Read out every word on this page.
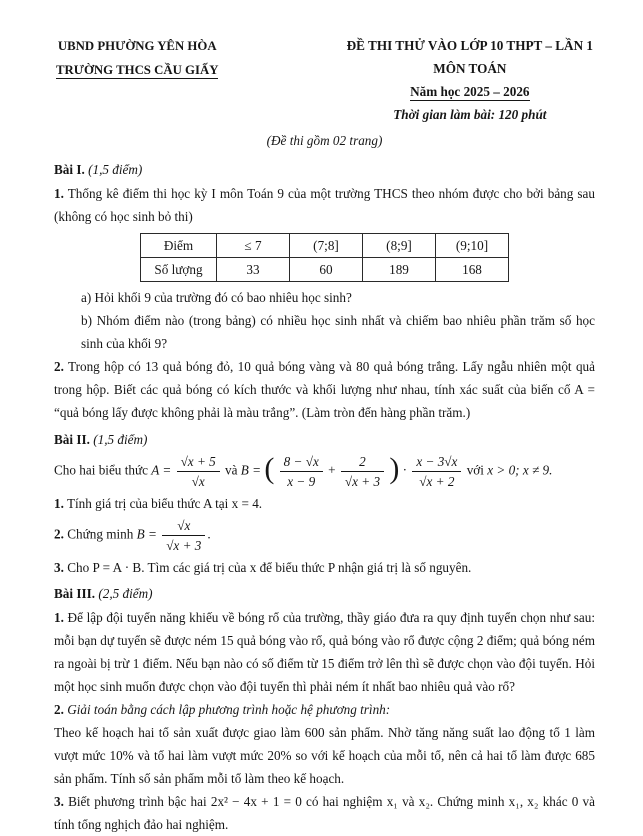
UBND PHƯỜNG YÊN HÒA
TRƯỜNG THCS CẦU GIẤY
ĐỀ THI THỬ VÀO LỚP 10 THPT – LẦN 1
MÔN TOÁN
Năm học 2025 – 2026
Thời gian làm bài: 120 phút
(Đề thi gồm 02 trang)

Bài I. (1,5 điểm)

1. Thống kê điểm thi học kỳ I môn Toán 9 của một trường THCS theo nhóm được cho bởi bảng sau (không có học sinh bỏ thi)

Điểm	≤ 7	(7;8]	(8;9]	(9;10]
Số lượng	33	60	189	168

a) Hỏi khối 9 của trường đó có bao nhiêu học sinh?

b) Nhóm điểm nào (trong bảng) có nhiều học sinh nhất và chiếm bao nhiêu phần trăm số học sinh của khối 9?

2. Trong hộp có 13 quả bóng đỏ, 10 quả bóng vàng và 80 quả bóng trắng. Lấy ngẫu nhiên một quả trong hộp. Biết các quả bóng có kích thước và khối lượng như nhau, tính xác suất của biến cố A = “quả bóng lấy được không phải là màu trắng”. (Làm tròn đến hàng phần trăm.)

Bài II. (1,5 điểm)

Cho hai biểu thức $A = \frac{√x + 5}{√x}$ và B = ( $\frac{8 - √x}{x - 9} + \frac{2}{√x + 3}$ ) · $\frac{x - 3√x}{√x + 2}$ với x > 0; x ≠ 9.

1. Tính giá trị của biểu thức A tại x = 4.

2. Chứng minh $B = \frac{√x}{√x + 3}$ .

3. Cho P = A · B. Tìm các giá trị của x để biểu thức P nhận giá trị là số nguyên.

Bài III. (2,5 điểm)

1. Để lập đội tuyển năng khiếu về bóng rổ của trường, thầy giáo đưa ra quy định tuyển chọn như sau: mỗi bạn dự tuyển sẽ được ném 15 quả bóng vào rổ, quả bóng vào rổ được cộng 2 điểm; quả bóng ném ra ngoài bị trừ 1 điểm. Nếu bạn nào có số điểm từ 15 điểm trở lên thì sẽ được chọn vào đội tuyển. Hỏi một học sinh muốn được chọn vào đội tuyển thì phải ném ít nhất bao nhiêu quả vào rổ?

2. Giải toán bằng cách lập phương trình hoặc hệ phương trình:

Theo kế hoạch hai tổ sản xuất được giao làm 600 sản phẩm. Nhờ tăng năng suất lao động tổ 1 làm vượt mức 10% và tổ hai làm vượt mức 20% so với kế hoạch của mỗi tổ, nên cả hai tổ làm được 685 sản phẩm. Tính số sản phẩm mỗi tổ làm theo kế hoạch.

3. Biết phương trình bậc hai 2x² − 4x + 1 = 0 có hai nghiệm x₁ và x₂. Chứng minh x₁, x₂ khác 0 và tính tổng nghịch đảo hai nghiệm.
